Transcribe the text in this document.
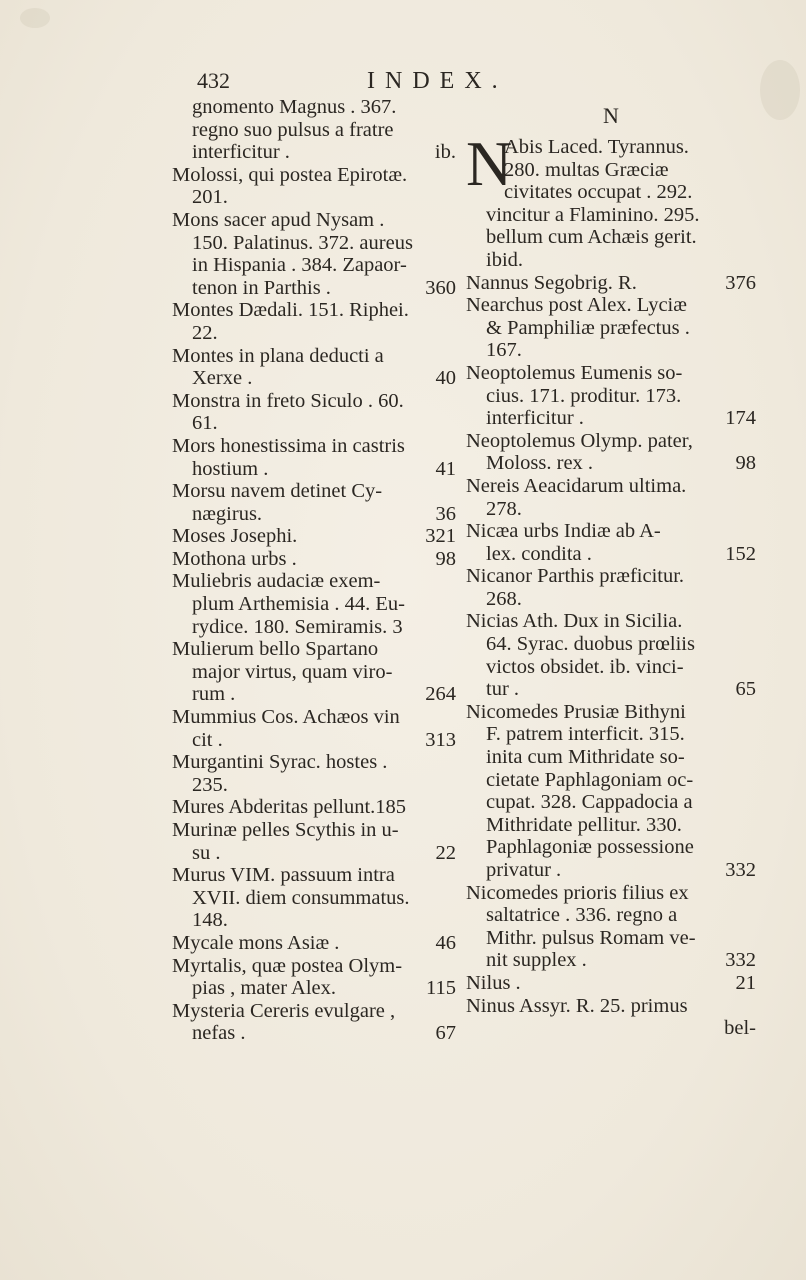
432	INDEX.
gnomento Magnus . 367.
regno suo pulsus a fratre
interficitur .	ib.
Molossi, qui postea Epirotæ.
201.
Mons sacer apud Nysam .
150. Palatinus. 372. aureus
in Hispania . 384. Zapaor-
tenon in Parthis .	360
Montes Dædali. 151. Riphei.
22.
Montes in plana deducti a
Xerxe .	40
Monstra in freto Siculo . 60.
61.
Mors honestissima in castris
hostium .	41
Morsu navem detinet Cy-
nægirus.	36
Moses Josephi.	321
Mothona urbs .	98
Muliebris audaciæ exem-
plum Arthemisia . 44. Eu-
rydice. 180. Semiramis. 3
Mulierum bello Spartano
major virtus, quam viro-
rum .	264
Mummius Cos. Achæos vin
cit .	313
Murgantini Syrac. hostes .
235.
Mures Abderitas pellunt.185
Murinæ pelles Scythis in u-
su .	22
Murus VIM. passuum intra
XVII. diem consummatus.
148.
Mycale mons Asiæ .	46
Myrtalis, quæ postea Olym-
pias , mater Alex.	115
Mysteria Cereris evulgare ,
nefas .	67
N
N
Abis Laced. Tyrannus.
280. multas Græciæ
civitates occupat . 292.
vincitur a Flaminino. 295.
bellum cum Achæis gerit.
ibid.
Nannus Segobrig. R.	376
Nearchus post Alex. Lyciæ
& Pamphiliæ præfectus .
167.
Neoptolemus Eumenis so-
cius. 171. proditur. 173.
interficitur .	174
Neoptolemus Olymp. pater,
Moloss. rex .	98
Nereis Aeacidarum ultima.
278.
Nicæa urbs Indiæ ab A-
lex. condita .	152
Nicanor Parthis præficitur.
268.
Nicias Ath. Dux in Sicilia.
64. Syrac. duobus prœliis
victos obsidet. ib. vinci-
tur .	65
Nicomedes Prusiæ Bithyni
F. patrem interficit. 315.
inita cum Mithridate so-
cietate Paphlagoniam oc-
cupat. 328. Cappadocia a
Mithridate pellitur. 330.
Paphlagoniæ possessione
privatur .	332
Nicomedes prioris filius ex
saltatrice . 336. regno a
Mithr. pulsus Romam ve-
nit supplex .	332
Nilus .	21
Ninus Assyr. R. 25. primus
bel-
